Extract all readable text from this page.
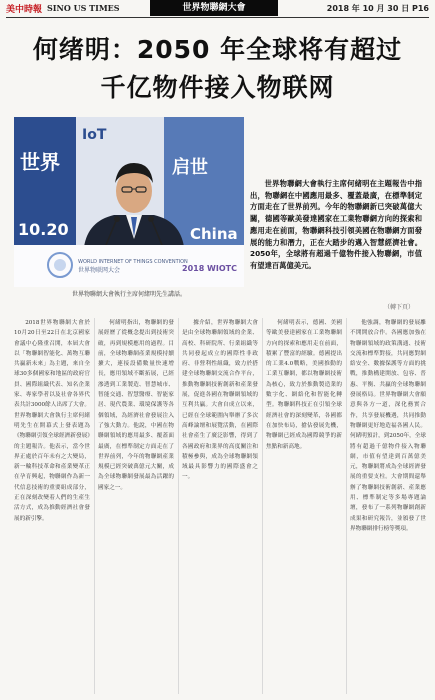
美中時報 SINO US TIMES	世界物聯網大會	2018 年 10 月 30 日 P16
何绪明：2050 年全球将有超过
千亿物件接入物联网
世界
IoT
启世
10.20	China
WORLD INTERNET OF THINGS CONVENTION
世界物联网大会	2018 WIOTC
世界物聯網大會執行主席何緒明先生講話。
世界物聯網大會執行主席何緒明在主題報告中指出，物聯網在中國應用最多、覆蓋最廣，在標準制定方面走在了世界前列。今年的物聯網新已突破萬億大關，德國等歐美發達國家在工業物聯網方向的探索和應用走在前面，物聯網科技引領美國在物聯網方面發展的能力和潛力，正在大踏步的邁入智慧經濟社會。2050年，全球將有超過千億物件接入物聯網，市值有望達百萬億美元。
（轉下頁）

2018世界物聯網大會於10月20日至22日在北京國家會議中心隆重召開，本屆大會以「物聯網智能化、萬物互聯共贏新未來」為主題，來自全球30多個國家和地區的政府官員、國際組織代表、知名企業家、專家學者以及社會各界代表共計3000餘人出席了大會。世界物聯網大會執行主席何緒明先生在開幕式上發表題為《物聯網引領全球經濟新發展》的主題報告。他表示，當今世界正處於百年未有之大變局，新一輪科技革命和產業變革正在孕育興起，物聯網作為新一代信息技術的重要組成部分，正在深刻改變着人們的生產生活方式，成為推動經濟社會發展的新引擎。

何緒明指出，物聯網的發展經歷了從概念提出到技術突破，再到規模應用的過程。目前，全球物聯網產業規模持續擴大，連接設備數量快速增長，應用領域不斷拓展，已經滲透到工業製造、智慧城市、智能交通、智慧醫療、智能家居、現代農業、環境保護等各個領域，為經濟社會發展注入了強大動力。他說，中國在物聯網領域的應用最多、覆蓋面最廣，在標準制定方面走在了世界前列，今年的物聯網產業規模已經突破萬億元大關，成為全球物聯網發展最為活躍的國家之一。

據介紹，世界物聯網大會是由全球物聯網領域的企業、高校、科研院所、行業組織等共同發起成立的國際性非政府、非營利性組織，致力於搭建全球物聯網交流合作平台，推動物聯網技術創新和產業發展，促進各國在物聯網領域的互利共贏。大會自成立以來，已經在全球範圍內舉辦了多次高峰論壇和展覽活動，在國際社會產生了廣泛影響，得到了各國政府和業界的高度關注和積極參與，成為全球物聯網領域最具影響力的國際盛會之一。

何緒明表示，德國、美國等歐美發達國家在工業物聯網方向的探索和應用走在前面，積累了豐富的經驗。德國提出的工業4.0戰略，美國推動的工業互聯網，都以物聯網技術為核心，致力於推動製造業的數字化、網絡化和智能化轉型。物聯網科技正在引領全球經濟社會的深刻變革，各國都在加快布局，搶佔發展先機，物聯網已經成為國際競爭的新焦點和新高地。

他強調，物聯網的發展離不開開放合作。各國應加強在物聯網領域的政策溝通、技術交流和標準對接，共同應對網絡安全、數據保護等方面的挑戰，推動構建開放、包容、普惠、平衡、共贏的全球物聯網發展格局。世界物聯網大會願意與各方一道，深化務實合作，共享發展機遇，共同推動物聯網更好地造福各國人民。何緒明預計，到2050年，全球將有超過千億物件接入物聯網，市值有望達到百萬億美元，物聯網將成為全球經濟發展的重要支柱。大會期間還舉辦了物聯網技術創新、產業應用、標準制定等多場專題論壇，發布了一系列物聯網創新成果和研究報告，並頒發了世界物聯網排行榜等獎項。
